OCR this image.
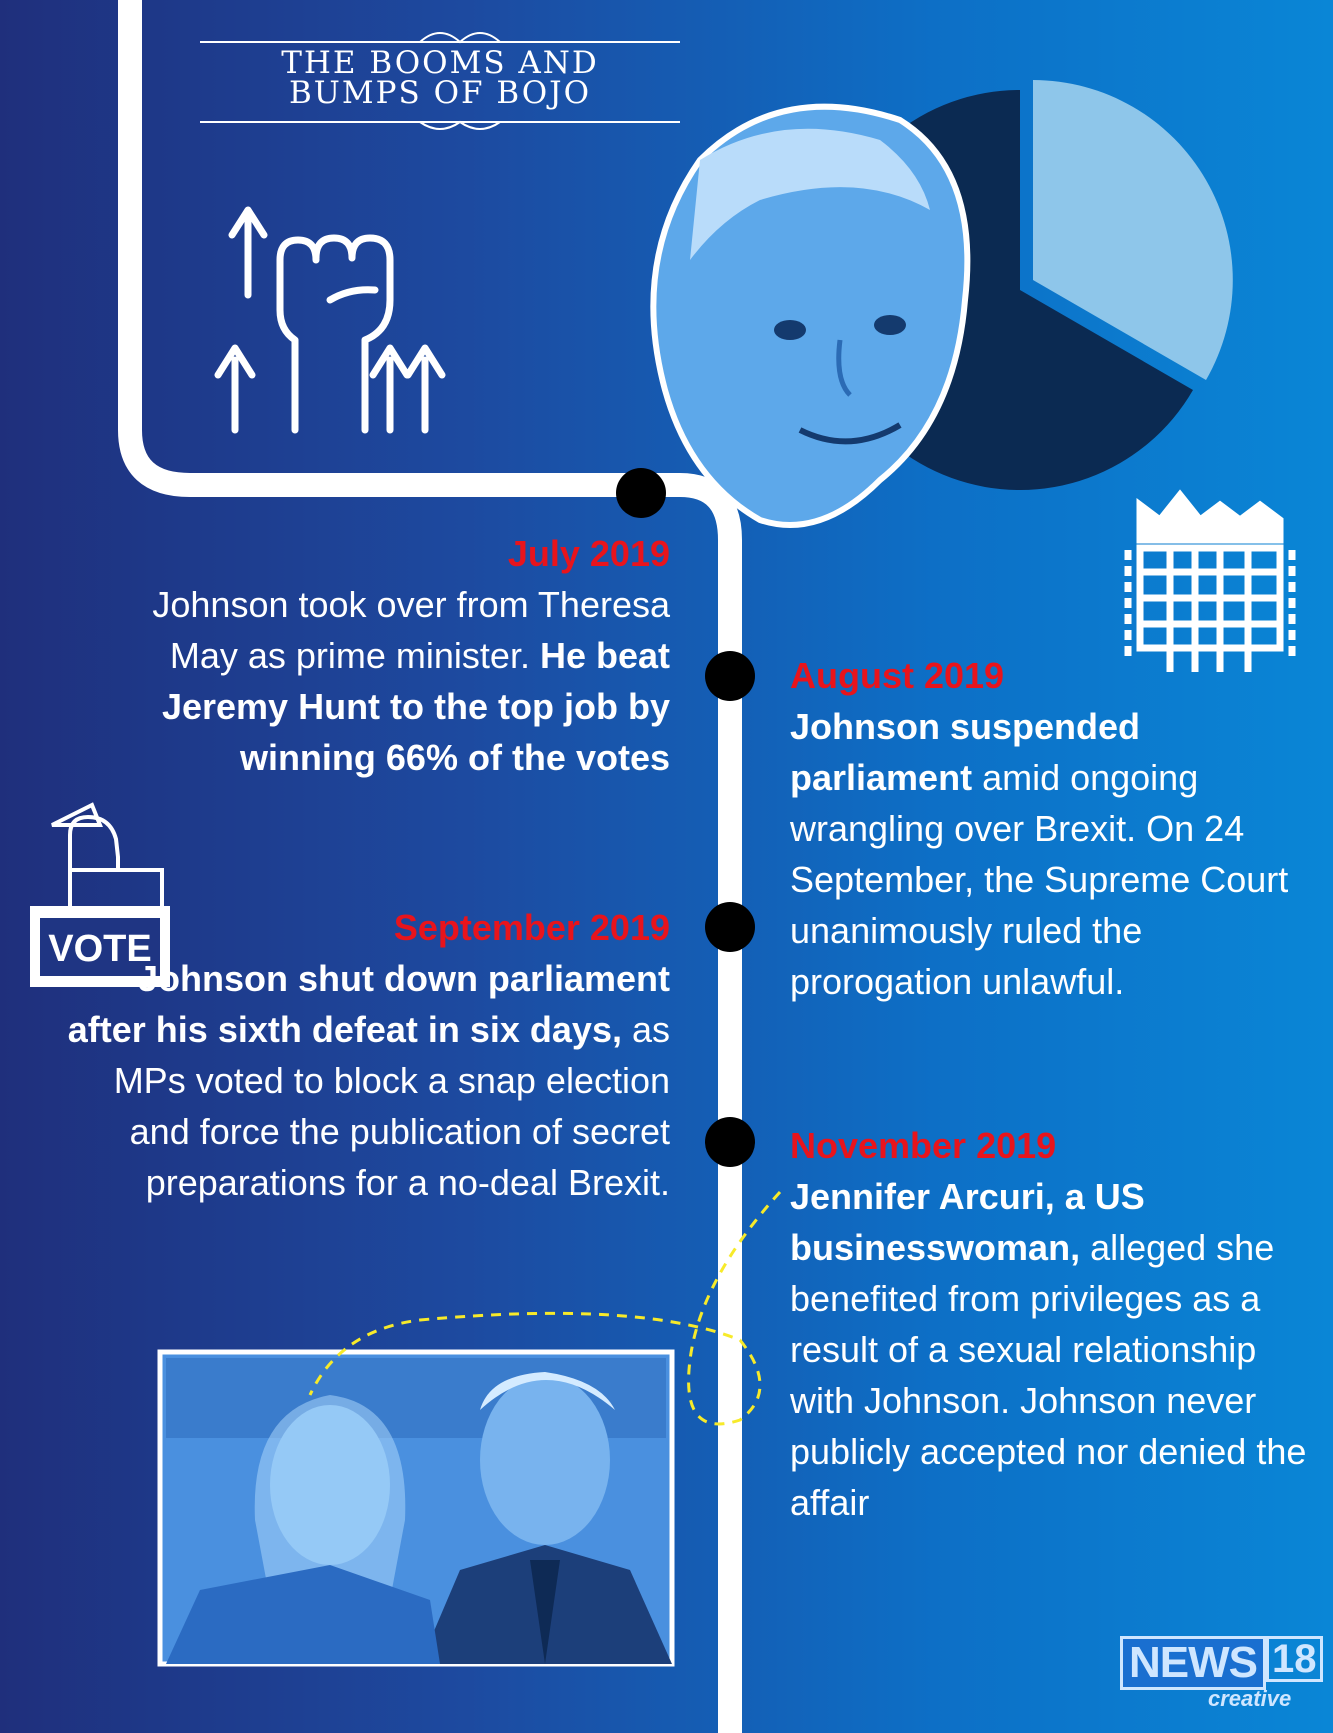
THE BOOMS AND
BUMPS OF BOJO
July 2019
Johnson took over from Theresa May as prime minister. He beat Jeremy Hunt to the top job by winning 66% of the votes
August 2019
Johnson suspended parliament amid ongoing wrangling over Brexit. On 24 September, the Supreme Court unanimously ruled the prorogation unlawful.
September 2019
Johnson shut down parliament after his sixth defeat in six days, as MPs voted to block a snap election and force the publication of secret preparations for a no-deal Brexit.
November 2019
Jennifer Arcuri, a US businesswoman, alleged she benefited from privileges as a result of a sexual relationship with Johnson. Johnson never publicly accepted nor denied the affair
VOTE
NEWS 18
creative
